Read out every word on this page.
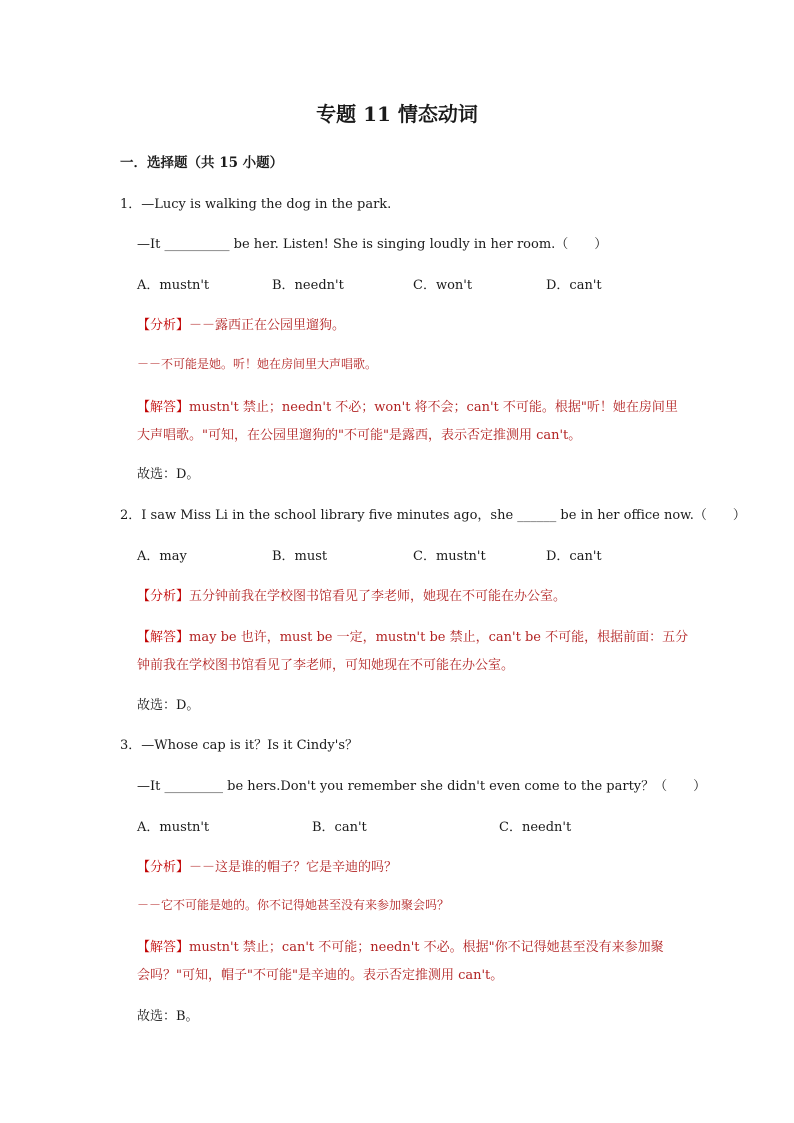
专题 11 情态动词
一．选择题（共 15 小题）
1．—Lucy is walking the dog in the park.
—It __________ be her. Listen! She is singing loudly in her room.（　　）
A．mustn't	B．needn't	C．won't	D．can't
【分析】－－露西正在公园里遛狗。
－－不可能是她。听！她在房间里大声唱歌。
【解答】mustn't 禁止；needn't 不必；won't 将不会；can't 不可能。根据"听！她在房间里
大声唱歌。"可知，在公园里遛狗的"不可能"是露西，表示否定推测用 can't。
故选：D。
2．I saw Miss Li in the school library five minutes ago，she ______ be in her office now.（　　）
A．may	B．must	C．mustn't	D．can't
【分析】五分钟前我在学校图书馆看见了李老师，她现在不可能在办公室。
【解答】may be 也许，must be 一定，mustn't be 禁止，can't be 不可能，根据前面：五分
钟前我在学校图书馆看见了李老师，可知她现在不可能在办公室。
故选：D。
3．—Whose cap is it？Is it Cindy's？
—It _________ be hers.Don't you remember she didn't even come to the party？（　　）
A．mustn't	B．can't	C．needn't
【分析】－－这是谁的帽子？它是辛迪的吗？
－－它不可能是她的。你不记得她甚至没有来参加聚会吗？
【解答】mustn't 禁止；can't 不可能；needn't 不必。根据"你不记得她甚至没有来参加聚
会吗？"可知，帽子"不可能"是辛迪的。表示否定推测用 can't。
故选：B。
